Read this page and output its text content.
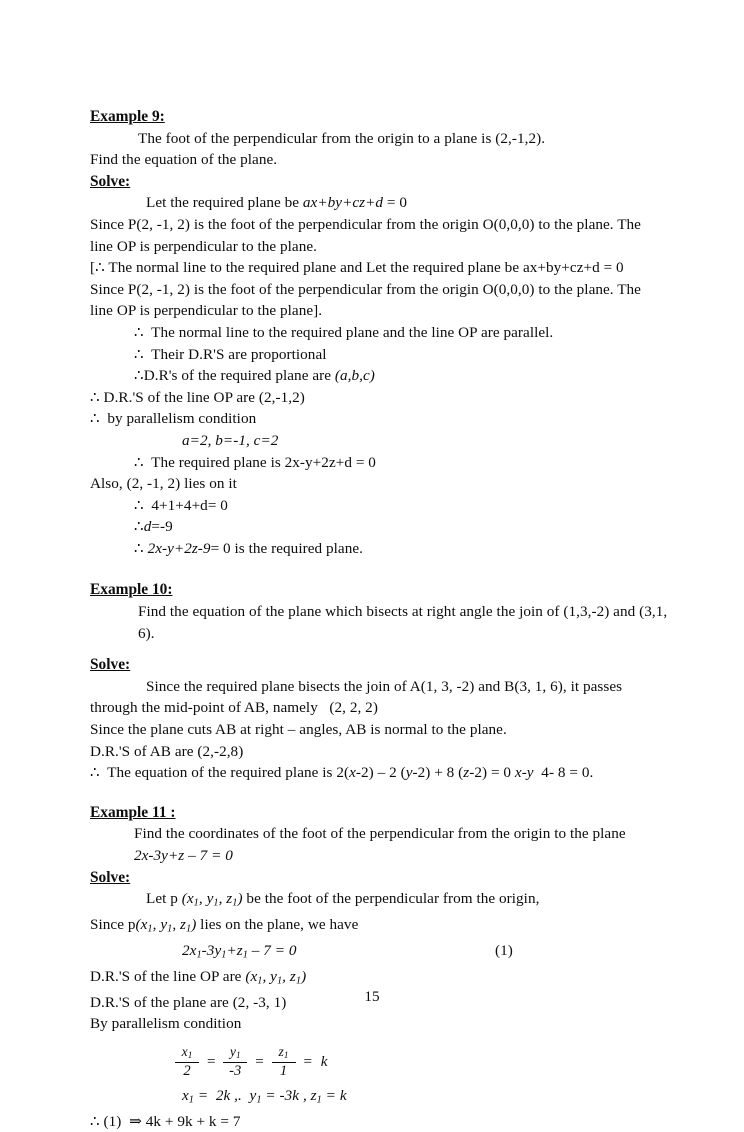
Example 9:

The foot of the perpendicular from the origin to a plane is (2,-1,2).
Find the equation of the plane.

Solve:

Let the required plane be ax+by+cz+d = 0
Since P(2, -1, 2) is the foot of the perpendicular from the origin O(0,0,0) to the plane. The
line OP is perpendicular to the plane.
[∴ The normal line to the required plane and Let the required plane be ax+by+cz+d = 0
Since P(2, -1, 2) is the foot of the perpendicular from the origin O(0,0,0) to the plane. The
line OP is perpendicular to the plane].
∴  The normal line to the required plane and the line OP are parallel.
∴  Their D.R'S are proportional
∴D.R's of the required plane are (a,b,c)
∴ D.R.'S of the line OP are (2,-1,2)
∴  by parallelism condition
a=2, b=-1, c=2
∴  The required plane is 2x-y+2z+d = 0
Also, (2, -1, 2) lies on it
∴  4+1+4+d= 0
∴d=-9
∴ 2x-y+2z-9= 0 is the required plane.

Example 10:

Find the equation of the plane which bisects at right angle the join of (1,3,-2) and (3,1, 6).

Solve:

Since the required plane bisects the join of A(1, 3, -2) and B(3, 1, 6), it passes
through the mid-point of AB, namely   (2, 2, 2)
Since the plane cuts AB at right – angles, AB is normal to the plane.
D.R.'S of AB are (2,-2,8)
∴  The equation of the required plane is 2(x-2) – 2 (y-2) + 8 (z-2) = 0 x-y  4- 8 = 0.

Example 11 :

Find the coordinates of the foot of the perpendicular from the origin to the plane
2x-3y+z – 7 = 0

Solve:

Let p ($x_1$, $y_1$, $z_1$) be the foot of the perpendicular from the origin,
Since $p(x_1$, $y_1$, $z_1$) lies on the plane, we have
$2x_1-3y_1+z_1 - 7 = 0$	(1)
D.R.'S of the line OP are ($x_1$, $y_1$, $z_1$)
D.R.'S of the plane are (2, -3, 1)
By parallelism condition
$\frac{x_1}{2} = \frac{y_1}{-3} = \frac{z_1}{1} = k$
$x_1 = 2k$ ,.  $y_1 = -3k$ , $z_1 = k$
∴ (1)  ⇒ 4k + 9k + k = 7
15
